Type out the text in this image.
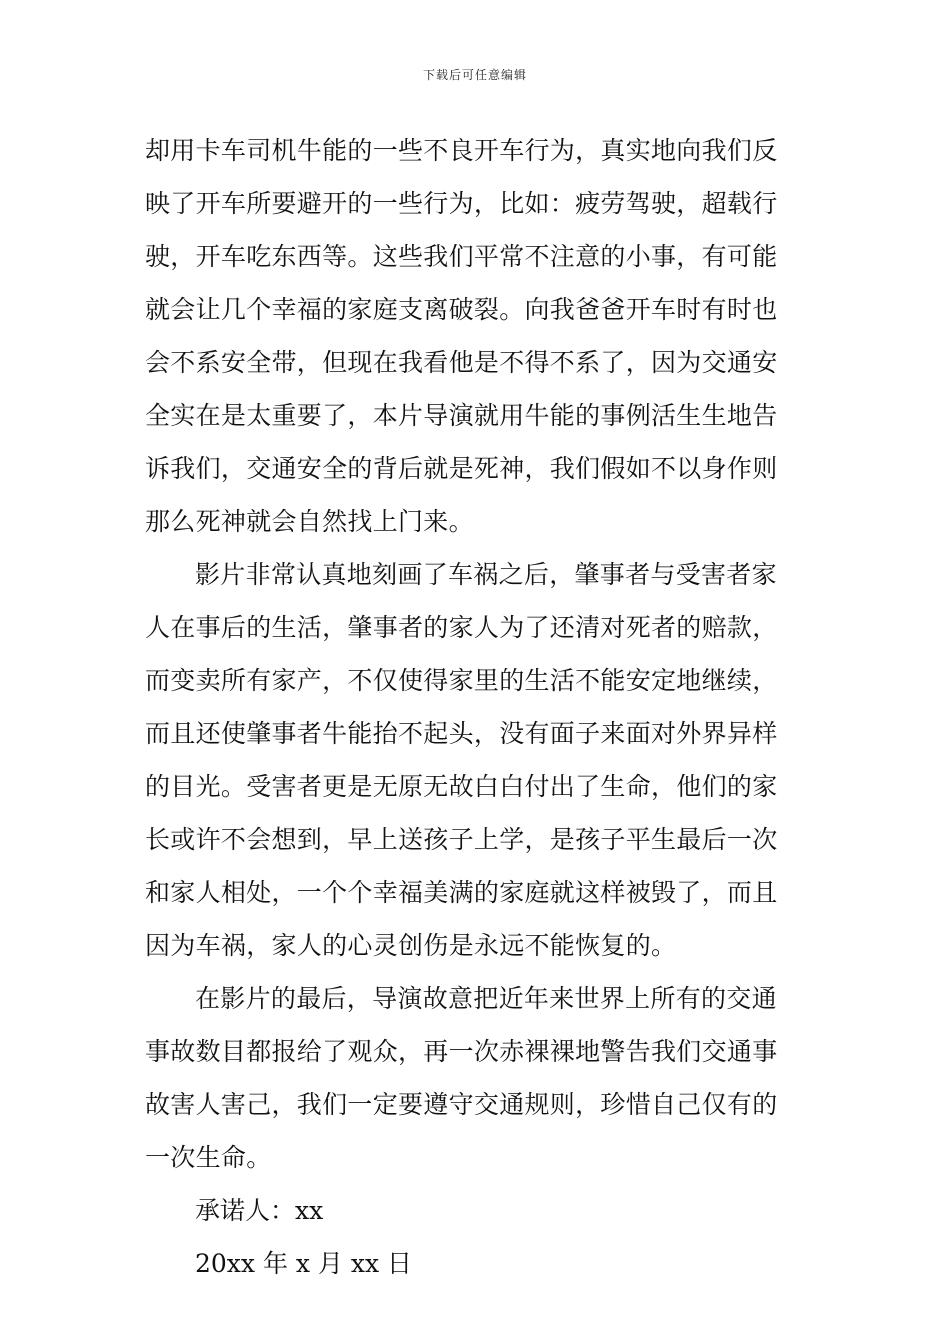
下载后可任意编辑
却用卡车司机牛能的一些不良开车行为，真实地向我们反
映了开车所要避开的一些行为，比如：疲劳驾驶，超载行
驶，开车吃东西等。这些我们平常不注意的小事，有可能
就会让几个幸福的家庭支离破裂。向我爸爸开车时有时也
会不系安全带，但现在我看他是不得不系了，因为交通安
全实在是太重要了，本片导演就用牛能的事例活生生地告
诉我们，交通安全的背后就是死神，我们假如不以身作则
那么死神就会自然找上门来。
影片非常认真地刻画了车祸之后，肇事者与受害者家
人在事后的生活，肇事者的家人为了还清对死者的赔款，
而变卖所有家产，不仅使得家里的生活不能安定地继续，
而且还使肇事者牛能抬不起头，没有面子来面对外界异样
的目光。受害者更是无原无故白白付出了生命，他们的家
长或许不会想到，早上送孩子上学，是孩子平生最后一次
和家人相处，一个个幸福美满的家庭就这样被毁了，而且
因为车祸，家人的心灵创伤是永远不能恢复的。
在影片的最后，导演故意把近年来世界上所有的交通
事故数目都报给了观众，再一次赤裸裸地警告我们交通事
故害人害己，我们一定要遵守交通规则，珍惜自己仅有的
一次生命。
承诺人：xx
20xx 年 x 月 xx 日
